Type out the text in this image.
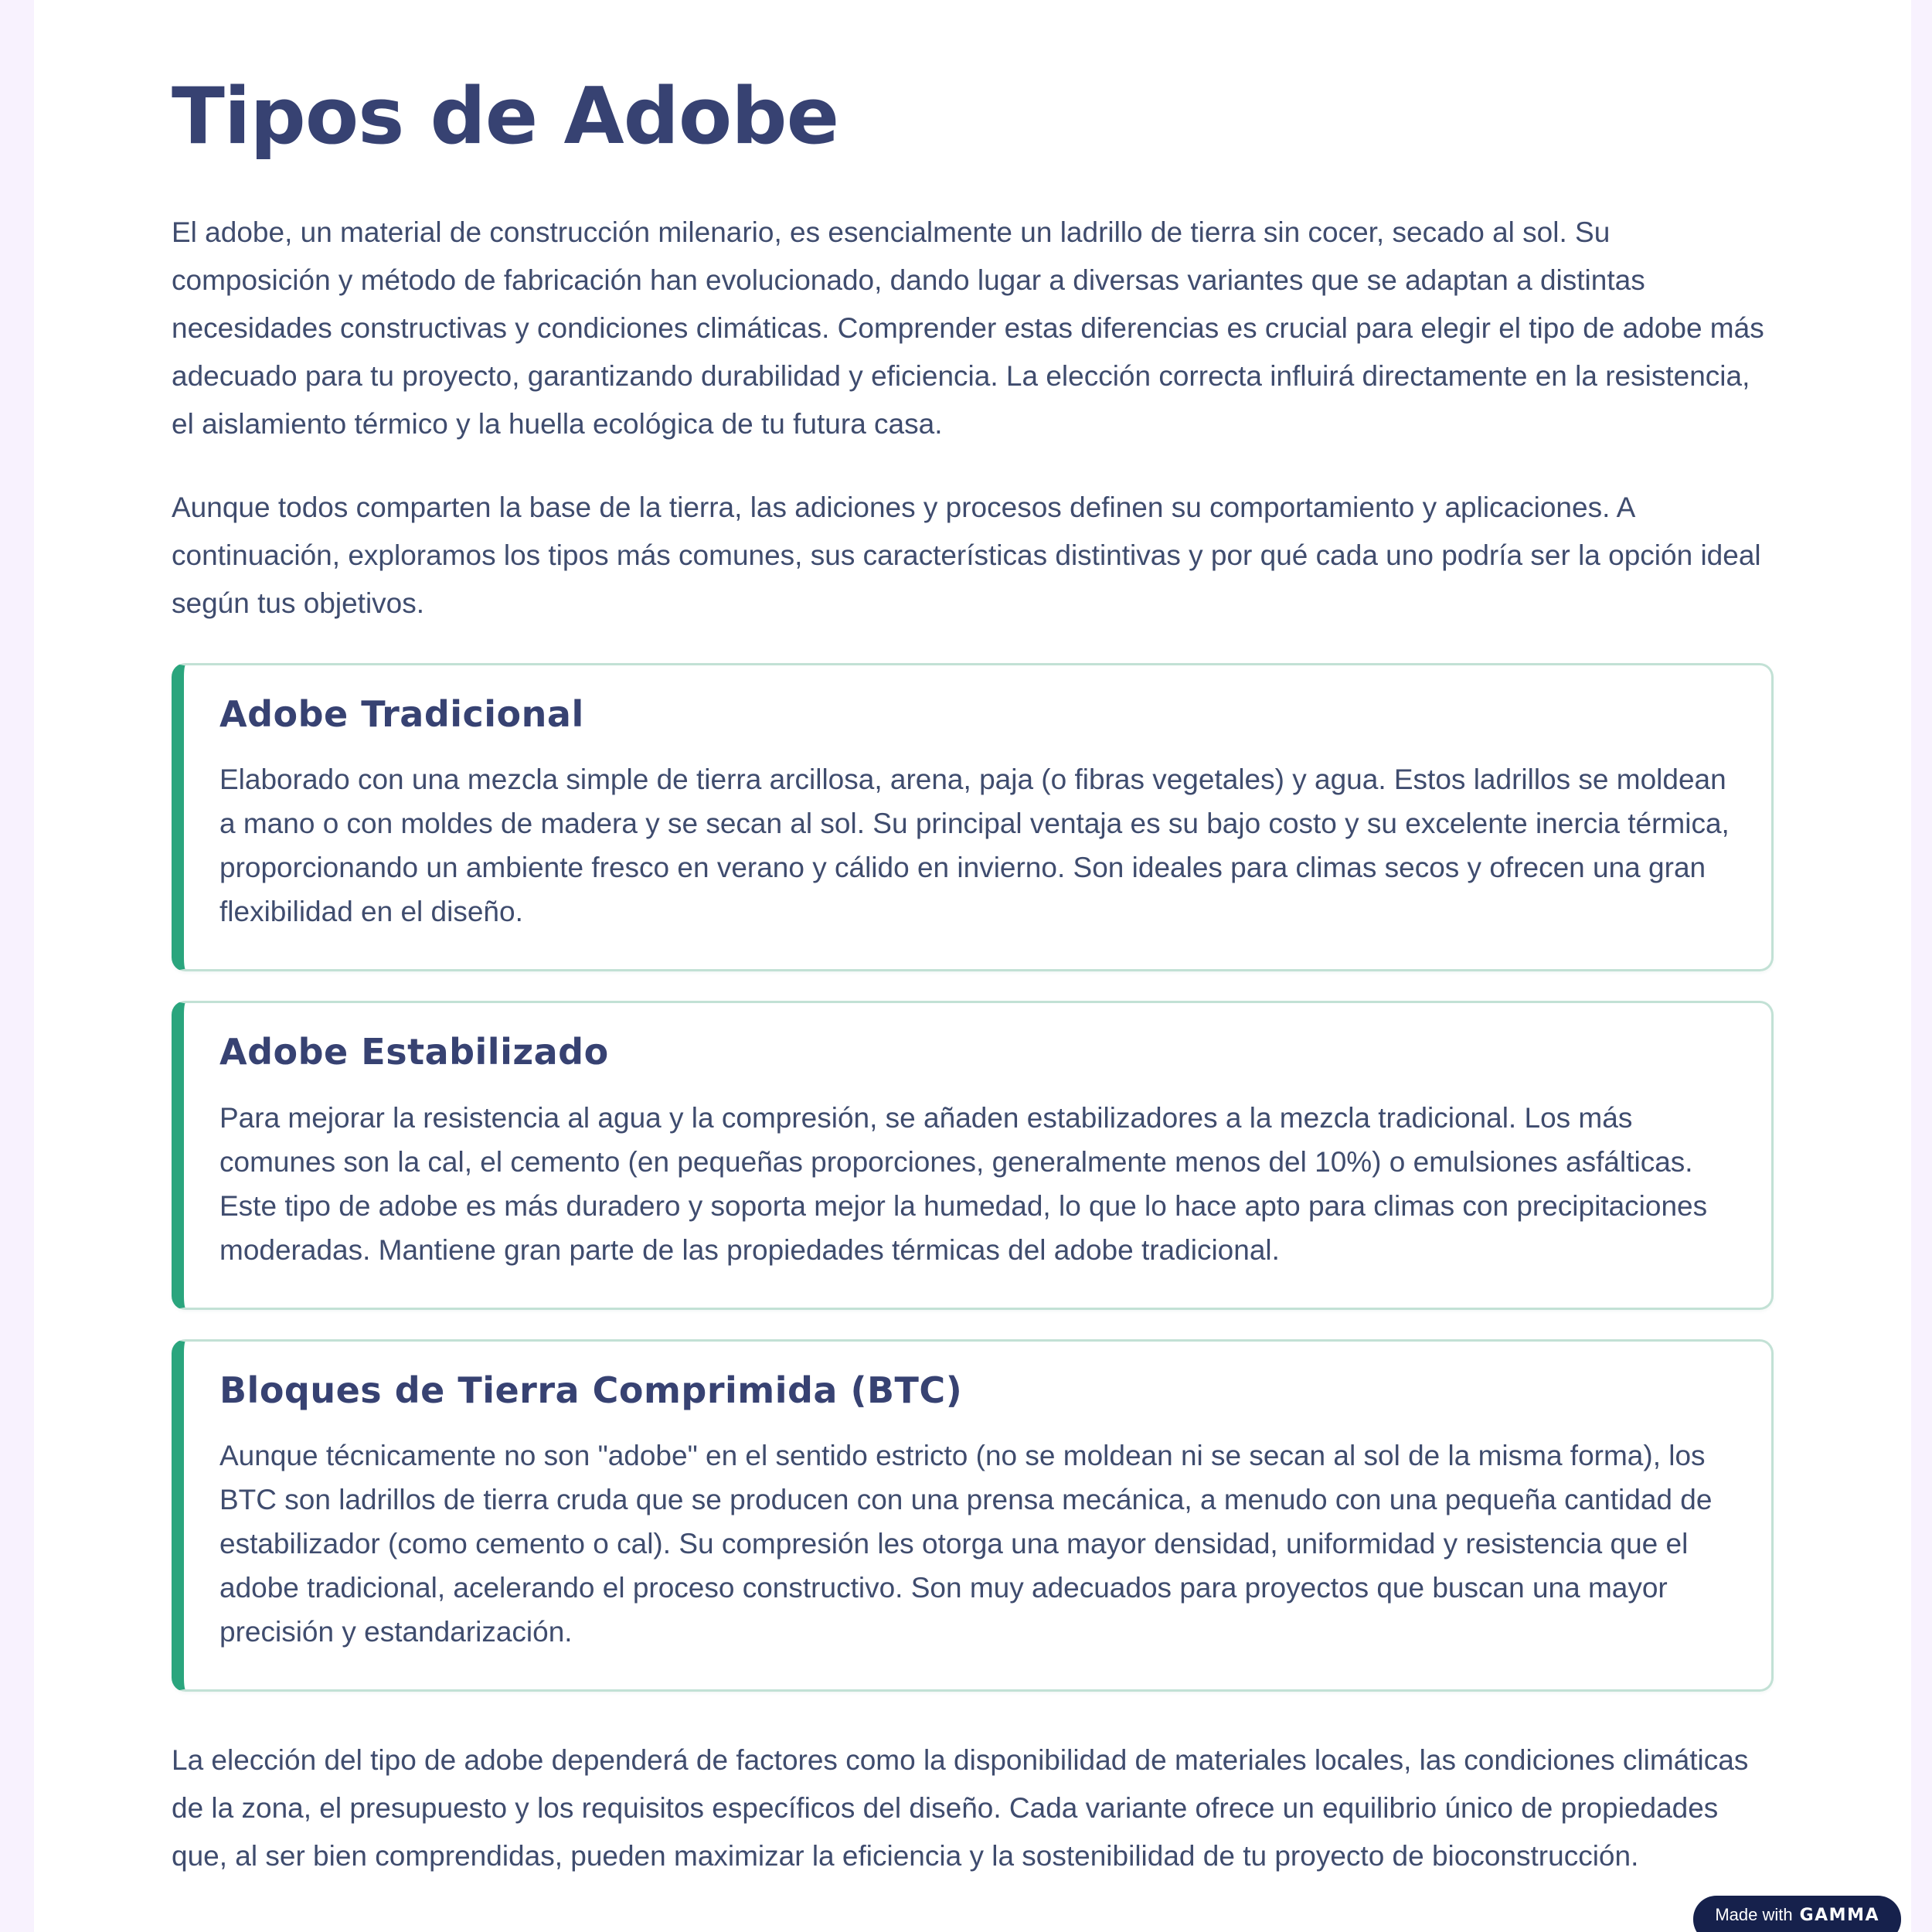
Tipos de Adobe

El adobe, un material de construcción milenario, es esencialmente un ladrillo de tierra sin cocer, secado al sol. Su composición y método de fabricación han evolucionado, dando lugar a diversas variantes que se adaptan a distintas necesidades constructivas y condiciones climáticas. Comprender estas diferencias es crucial para elegir el tipo de adobe más adecuado para tu proyecto, garantizando durabilidad y eficiencia. La elección correcta influirá directamente en la resistencia, el aislamiento térmico y la huella ecológica de tu futura casa.

Aunque todos comparten la base de la tierra, las adiciones y procesos definen su comportamiento y aplicaciones. A continuación, exploramos los tipos más comunes, sus características distintivas y por qué cada uno podría ser la opción ideal según tus objetivos.

Adobe Tradicional

Elaborado con una mezcla simple de tierra arcillosa, arena, paja (o fibras vegetales) y agua. Estos ladrillos se moldean a mano o con moldes de madera y se secan al sol. Su principal ventaja es su bajo costo y su excelente inercia térmica, proporcionando un ambiente fresco en verano y cálido en invierno. Son ideales para climas secos y ofrecen una gran flexibilidad en el diseño.

Adobe Estabilizado

Para mejorar la resistencia al agua y la compresión, se añaden estabilizadores a la mezcla tradicional. Los más comunes son la cal, el cemento (en pequeñas proporciones, generalmente menos del 10%) o emulsiones asfálticas. Este tipo de adobe es más duradero y soporta mejor la humedad, lo que lo hace apto para climas con precipitaciones moderadas. Mantiene gran parte de las propiedades térmicas del adobe tradicional.

Bloques de Tierra Comprimida (BTC)

Aunque técnicamente no son "adobe" en el sentido estricto (no se moldean ni se secan al sol de la misma forma), los BTC son ladrillos de tierra cruda que se producen con una prensa mecánica, a menudo con una pequeña cantidad de estabilizador (como cemento o cal). Su compresión les otorga una mayor densidad, uniformidad y resistencia que el adobe tradicional, acelerando el proceso constructivo. Son muy adecuados para proyectos que buscan una mayor precisión y estandarización.

La elección del tipo de adobe dependerá de factores como la disponibilidad de materiales locales, las condiciones climáticas de la zona, el presupuesto y los requisitos específicos del diseño. Cada variante ofrece un equilibrio único de propiedades que, al ser bien comprendidas, pueden maximizar la eficiencia y la sostenibilidad de tu proyecto de bioconstrucción.

Made with GAMMA
